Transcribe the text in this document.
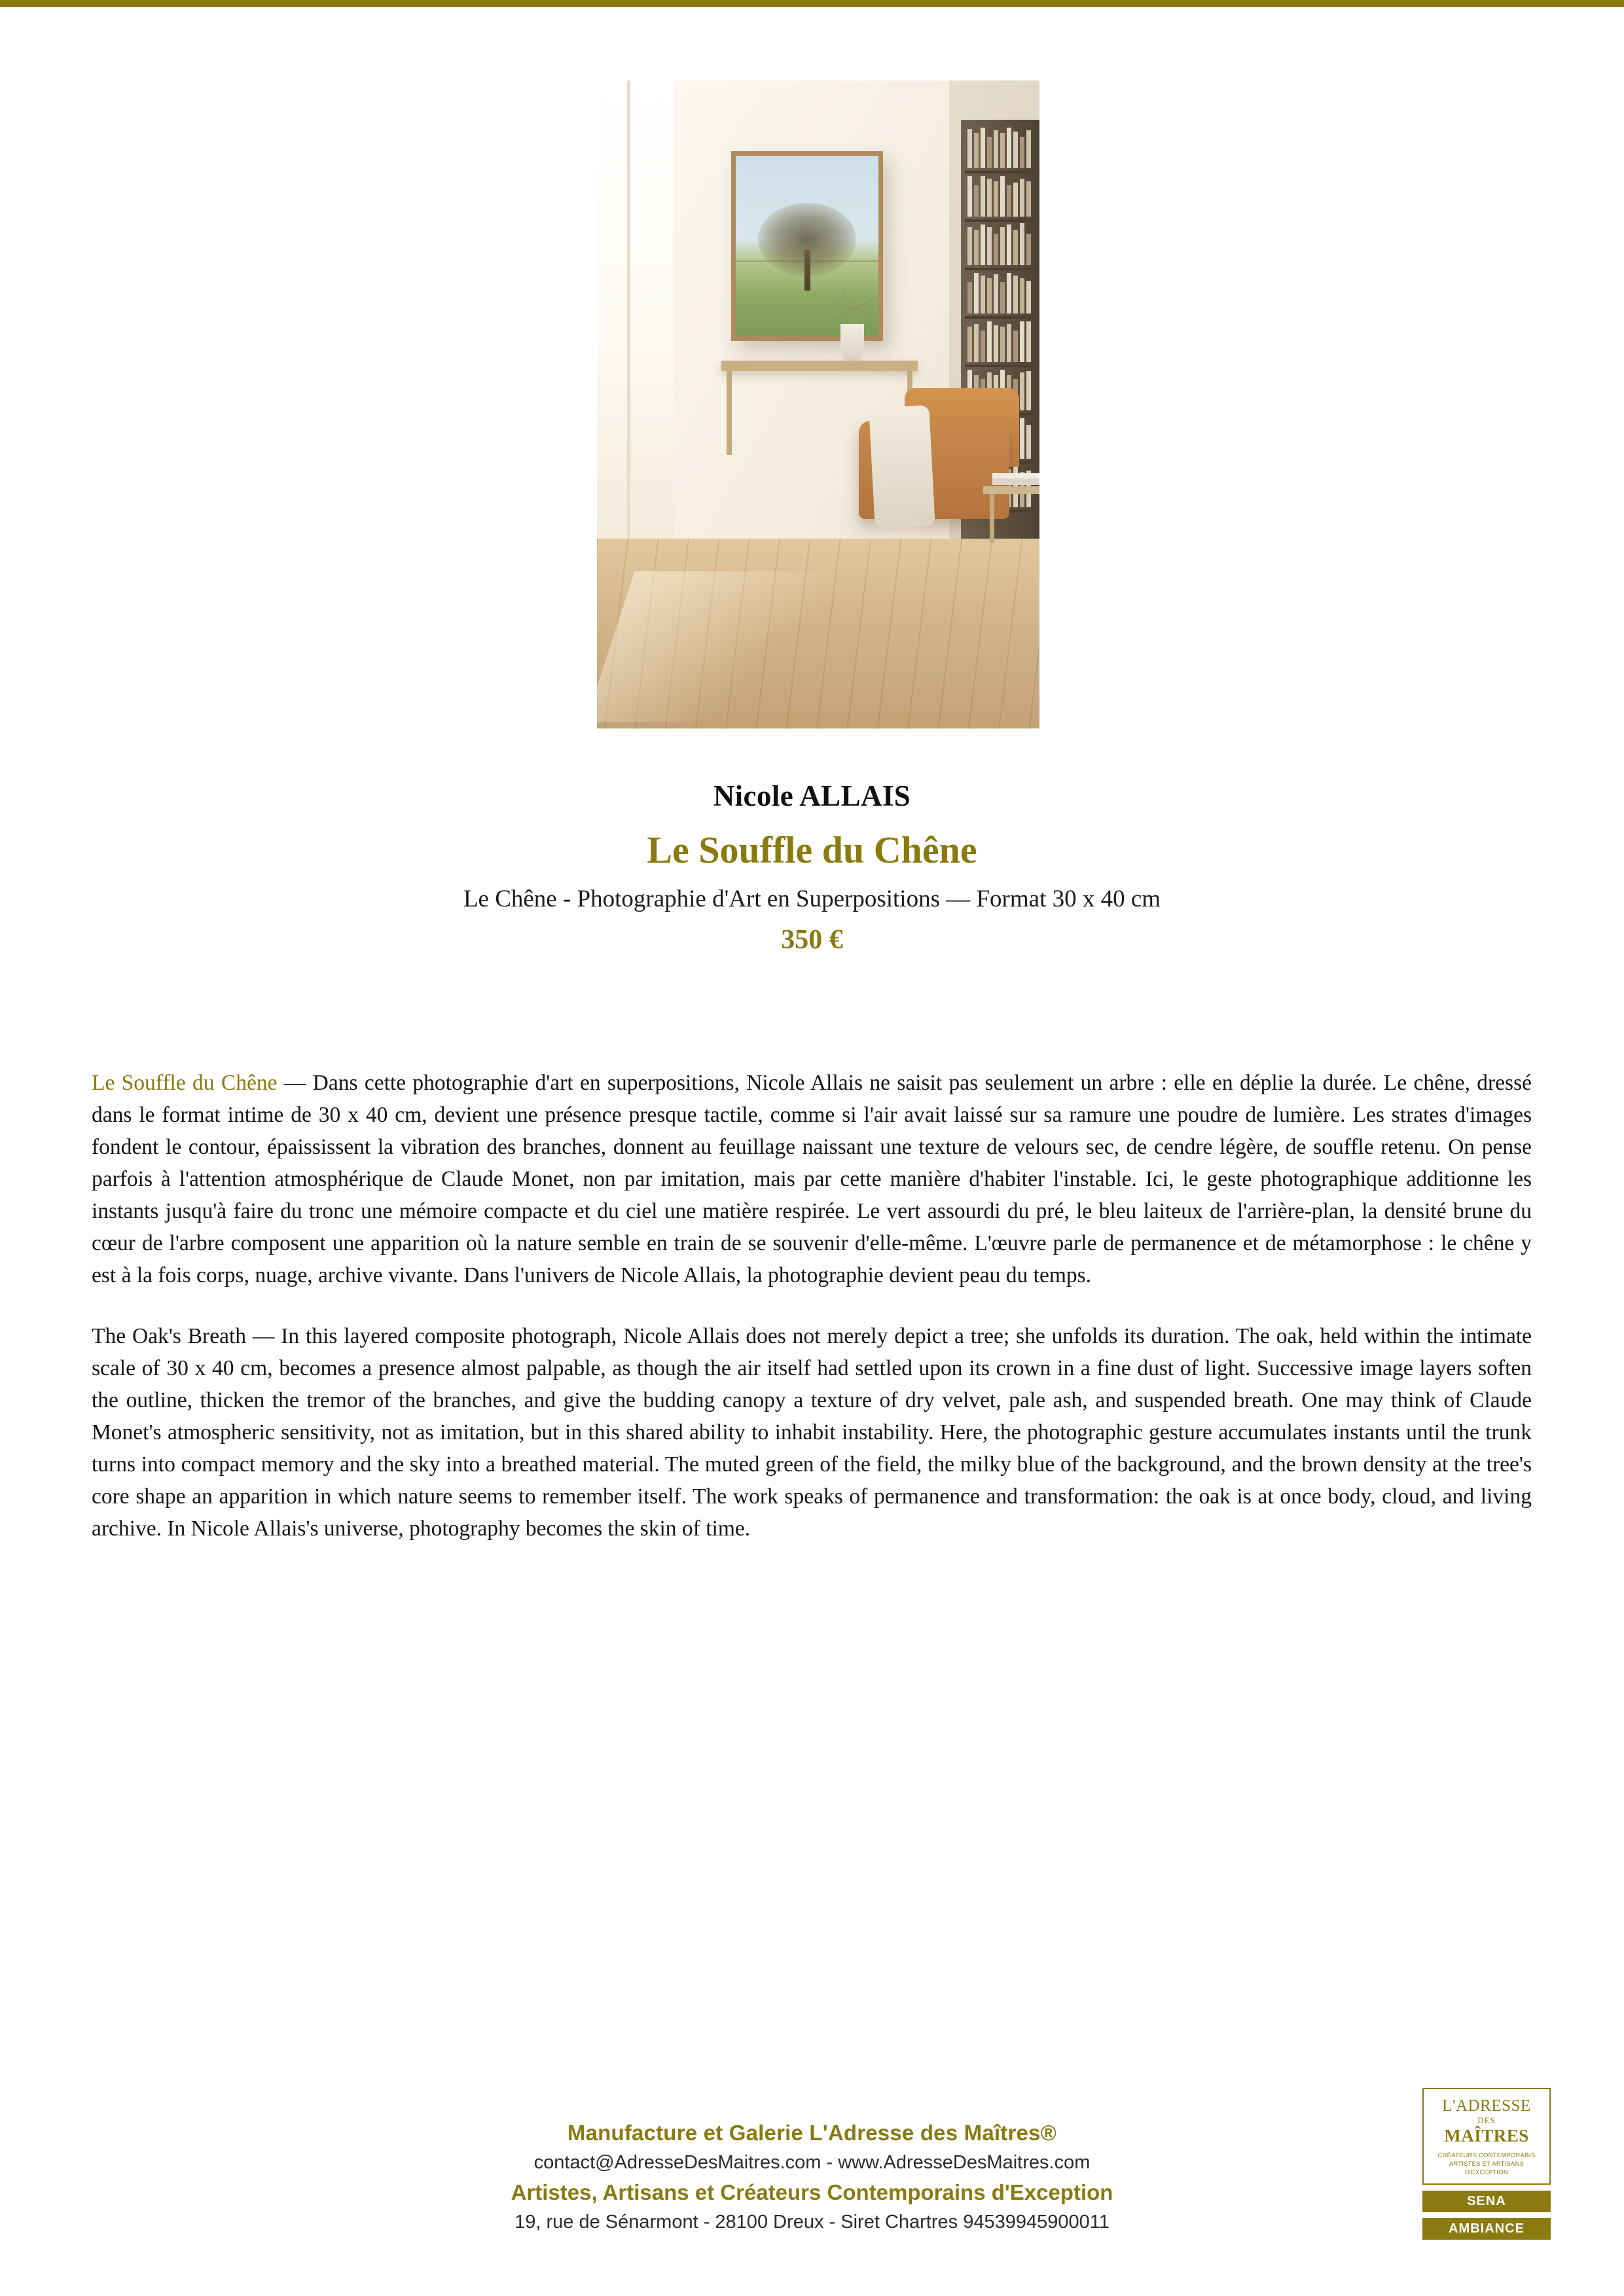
Nicole ALLAIS
Le Souffle du Chêne
Le Chêne - Photographie d'Art en Superpositions — Format 30 x 40 cm
350 €

Le Souffle du Chêne — Dans cette photographie d'art en superpositions, Nicole Allais ne saisit pas seulement un arbre : elle en déplie la durée. Le chêne, dressé dans le format intime de 30 x 40 cm, devient une présence presque tactile, comme si l'air avait laissé sur sa ramure une poudre de lumière. Les strates d'images fondent le contour, épaississent la vibration des branches, donnent au feuillage naissant une texture de velours sec, de cendre légère, de souffle retenu. On pense parfois à l'attention atmosphérique de Claude Monet, non par imitation, mais par cette manière d'habiter l'instable. Ici, le geste photographique additionne les instants jusqu'à faire du tronc une mémoire compacte et du ciel une matière respirée. Le vert assourdi du pré, le bleu laiteux de l'arrière-plan, la densité brune du cœur de l'arbre composent une apparition où la nature semble en train de se souvenir d'elle-même. L'œuvre parle de permanence et de métamorphose : le chêne y est à la fois corps, nuage, archive vivante. Dans l'univers de Nicole Allais, la photographie devient peau du temps.

The Oak's Breath — In this layered composite photograph, Nicole Allais does not merely depict a tree; she unfolds its duration. The oak, held within the intimate scale of 30 x 40 cm, becomes a presence almost palpable, as though the air itself had settled upon its crown in a fine dust of light. Successive image layers soften the outline, thicken the tremor of the branches, and give the budding canopy a texture of dry velvet, pale ash, and suspended breath. One may think of Claude Monet's atmospheric sensitivity, not as imitation, but in this shared ability to inhabit instability. Here, the photographic gesture accumulates instants until the trunk turns into compact memory and the sky into a breathed material. The muted green of the field, the milky blue of the background, and the brown density at the tree's core shape an apparition in which nature seems to remember itself. The work speaks of permanence and transformation: the oak is at once body, cloud, and living archive. In Nicole Allais's universe, photography becomes the skin of time.

Manufacture et Galerie L'Adresse des Maîtres®
contact@AdresseDesMaitres.com - www.AdresseDesMaitres.com
Artistes, Artisans et Créateurs Contemporains d'Exception
19, rue de Sénarmont - 28100 Dreux - Siret Chartres 94539945900011
L'ADRESSE
DES
MAÎTRES
CRÉATEURS CONTEMPORAINS ARTISTES ET ARTISANS D'EXCEPTION
SENA
AMBIANCE
